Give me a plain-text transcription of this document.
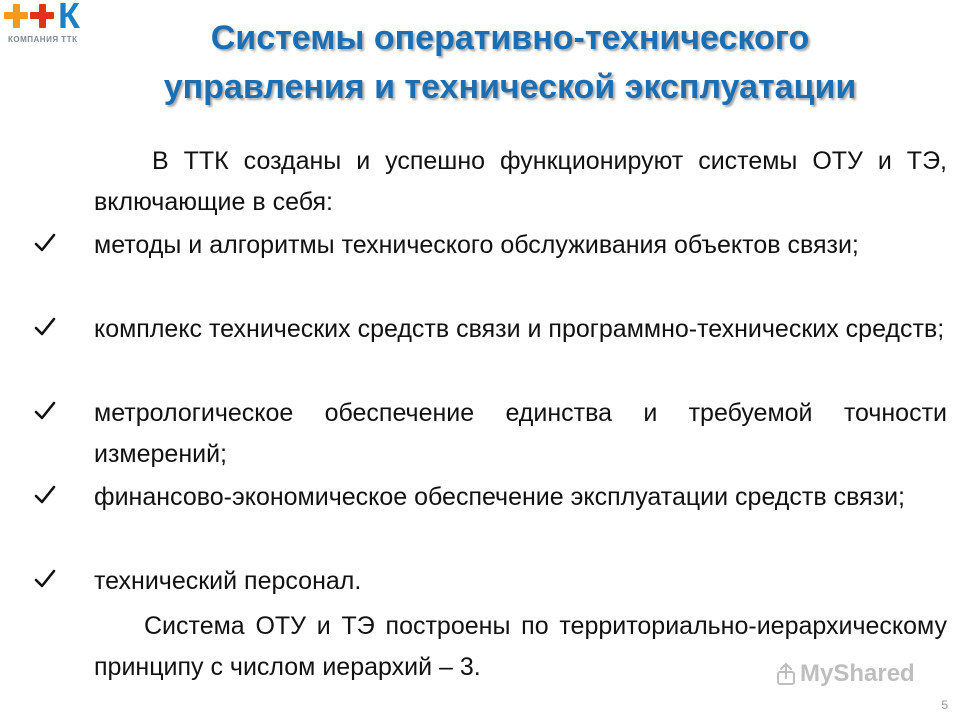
К
КОМПАНИЯ ТТК	Системы оперативно-технического
управления и технической эксплуатации

В ТТК созданы и успешно функционируют системы ОТУ и ТЭ, включающие в себя:

методы и алгоритмы технического обслуживания объектов связи;

комплекс технических средств связи и программно-технических средств;

метрологическое обеспечение единства и требуемой точности измерений;

финансово-экономическое обеспечение эксплуатации средств связи;

технический персонал.

Система ОТУ и ТЭ построены по территориально-иерархическому принципу с числом иерархий – 3.	MyShared
5
